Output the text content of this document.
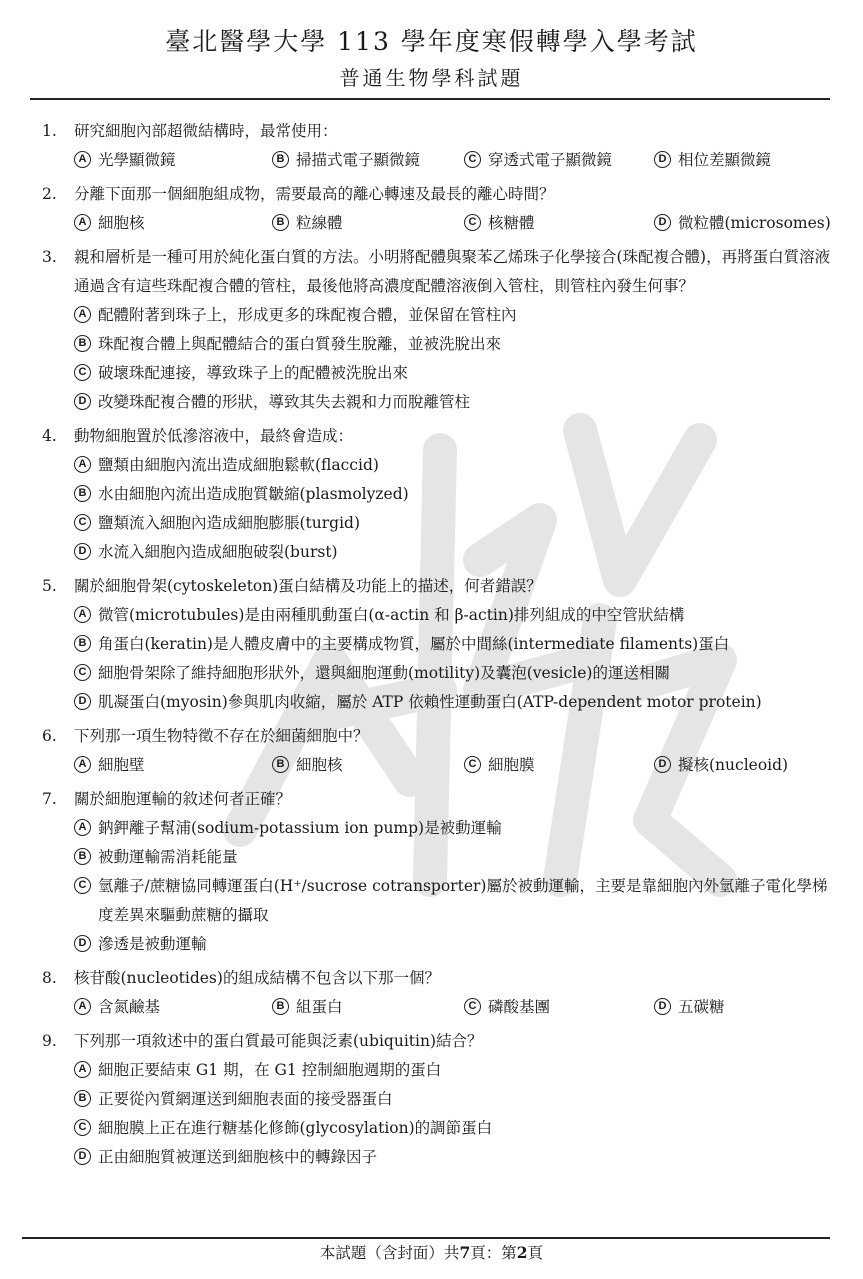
臺北醫學大學 113 學年度寒假轉學入學考試
普通生物學科試題
1.	研究細胞內部超微結構時，最常使用：
A 光學顯微鏡	B 掃描式電子顯微鏡	C 穿透式電子顯微鏡	D 相位差顯微鏡
2.	分離下面那一個細胞組成物，需要最高的離心轉速及最長的離心時間？
A 細胞核	B 粒線體	C 核糖體	D 微粒體(microsomes)
3.	親和層析是一種可用於純化蛋白質的方法。小明將配體與聚苯乙烯珠子化學接合(珠配複合體)，再將蛋白質溶液通過含有這些珠配複合體的管柱，最後他將高濃度配體溶液倒入管柱，則管柱內發生何事？
A 配體附著到珠子上，形成更多的珠配複合體，並保留在管柱內
B 珠配複合體上與配體結合的蛋白質發生脫離，並被洗脫出來
C 破壞珠配連接，導致珠子上的配體被洗脫出來
D 改變珠配複合體的形狀，導致其失去親和力而脫離管柱
4.	動物細胞置於低滲溶液中，最終會造成：
A 鹽類由細胞內流出造成細胞鬆軟(flaccid)
B 水由細胞內流出造成胞質皺縮(plasmolyzed)
C 鹽類流入細胞內造成細胞膨脹(turgid)
D 水流入細胞內造成細胞破裂(burst)
5.	關於細胞骨架(cytoskeleton)蛋白結構及功能上的描述，何者錯誤？
A 微管(microtubules)是由兩種肌動蛋白(α-actin 和 β-actin)排列組成的中空管狀結構
B 角蛋白(keratin)是人體皮膚中的主要構成物質，屬於中間絲(intermediate filaments)蛋白
C 細胞骨架除了維持細胞形狀外，還與細胞運動(motility)及囊泡(vesicle)的運送相關
D 肌凝蛋白(myosin)參與肌肉收縮，屬於 ATP 依賴性運動蛋白(ATP-dependent motor protein)
6.	下列那一項生物特徵不存在於細菌細胞中？
A 細胞壁	B 細胞核	C 細胞膜	D 擬核(nucleoid)
7.	關於細胞運輸的敘述何者正確？
A 鈉鉀離子幫浦(sodium-potassium ion pump)是被動運輸
B 被動運輸需消耗能量
C 氫離子/蔗糖協同轉運蛋白(H⁺/sucrose cotransporter)屬於被動運輸，主要是靠細胞內外氫離子電化學梯度差異來驅動蔗糖的攝取
D 滲透是被動運輸
8.	核苷酸(nucleotides)的組成結構不包含以下那一個？
A 含氮鹼基	B 組蛋白	C 磷酸基團	D 五碳糖
9.	下列那一項敘述中的蛋白質最可能與泛素(ubiquitin)結合？
A 細胞正要結束 G1 期，在 G1 控制細胞週期的蛋白
B 正要從內質網運送到細胞表面的接受器蛋白
C 細胞膜上正在進行糖基化修飾(glycosylation)的調節蛋白
D 正由細胞質被運送到細胞核中的轉錄因子
本試題（含封面）共7頁：第2頁
